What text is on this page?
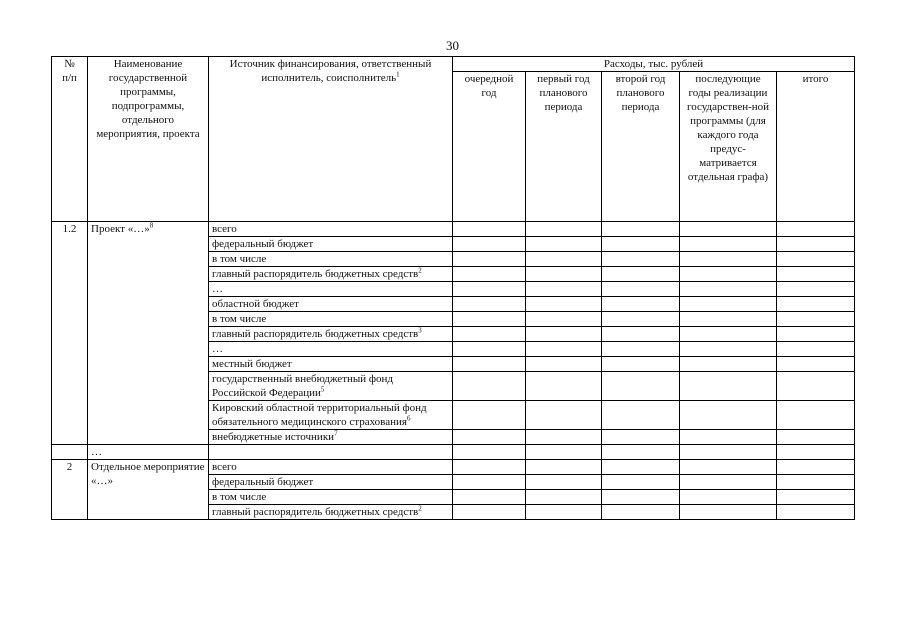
30
№
п/п	Наименование государственной программы, подпрограммы, отдельного мероприятия, проекта	Источник финансирования, ответственный исполнитель, соисполнитель$^1$	Расходы, тыс. рублей				
			очередной год	первый год планового периода	второй год планового периода	последующие годы реализации государствен-ной программы (для каждого года предус-матривается отдельная графа)	итого
1.2	Проект «…»$^8$	всего					
		федеральный бюджет					
		в том числе					
		главный распорядитель бюджетных средств$^2$					
		…					
		областной бюджет					
		в том числе					
		главный распорядитель бюджетных средств$^3$					
		…					
		местный бюджет					
		государственный внебюджетный фонд Российской Федерации$^5$					
		Кировский областной территориальный фонд обязательного медицинского страхования$^6$					
		внебюджетные источники$^7$					
	…						
2	Отдельное мероприятие «…»	всего					
		федеральный бюджет					
		в том числе					
		главный распорядитель бюджетных средств$^2$					
